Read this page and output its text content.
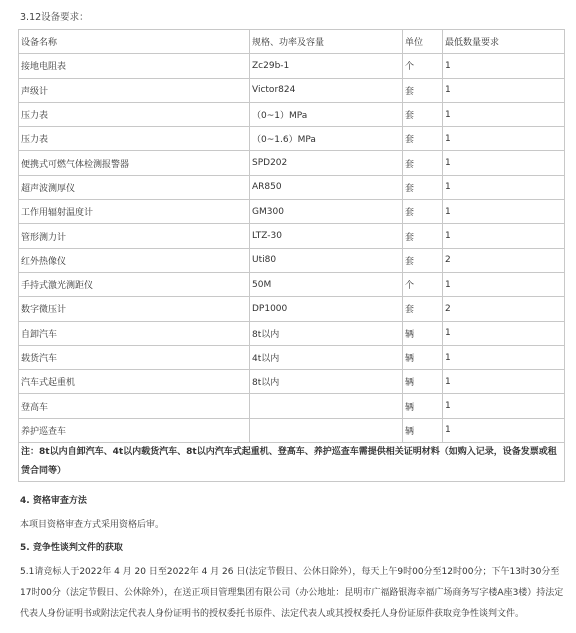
3.12设备要求：
设备名称	规格、功率及容量	单位	最低数量要求
接地电阻表	Zc29b-1	个	1
声级计	Victor824	套	1
压力表	（0~1）MPa	套	1
压力表	（0~1.6）MPa	套	1
便携式可燃气体检测报警器	SPD202	套	1
超声波测厚仪	AR850	套	1
工作用辐射温度计	GM300	套	1
管形测力计	LTZ-30	套	1
红外热像仪	Uti80	套	2
手持式激光测距仪	50M	个	1
数字微压计	DP1000	套	2
自卸汽车	8t以内	辆	1
载货汽车	4t以内	辆	1
汽车式起重机	8t以内	辆	1
登高车		辆	1
养护巡查车		辆	1
注：8t以内自卸汽车、4t以内载货汽车、8t以内汽车式起重机、登高车、养护巡查车需提供相关证明材料（如购入记录，设备发票或租赁合同等）			
4. 资格审查方法
本项目资格审查方式采用资格后审。
5. 竞争性谈判文件的获取
5.1请竞标人于2022年 4 月 20 日至2022年 4 月 26 日(法定节假日、公休日除外），每天上午9时00分至12时00分；下午13时30分至17时00分（法定节假日、公休除外），在送正项目管理集团有限公司（办公地址：昆明市广福路银海幸福广场商务写字楼A座3楼）持法定代表人身份证明书或附法定代表人身份证明书的授权委托书原件、法定代表人或其授权委托人身份证原件获取竞争性谈判文件。
